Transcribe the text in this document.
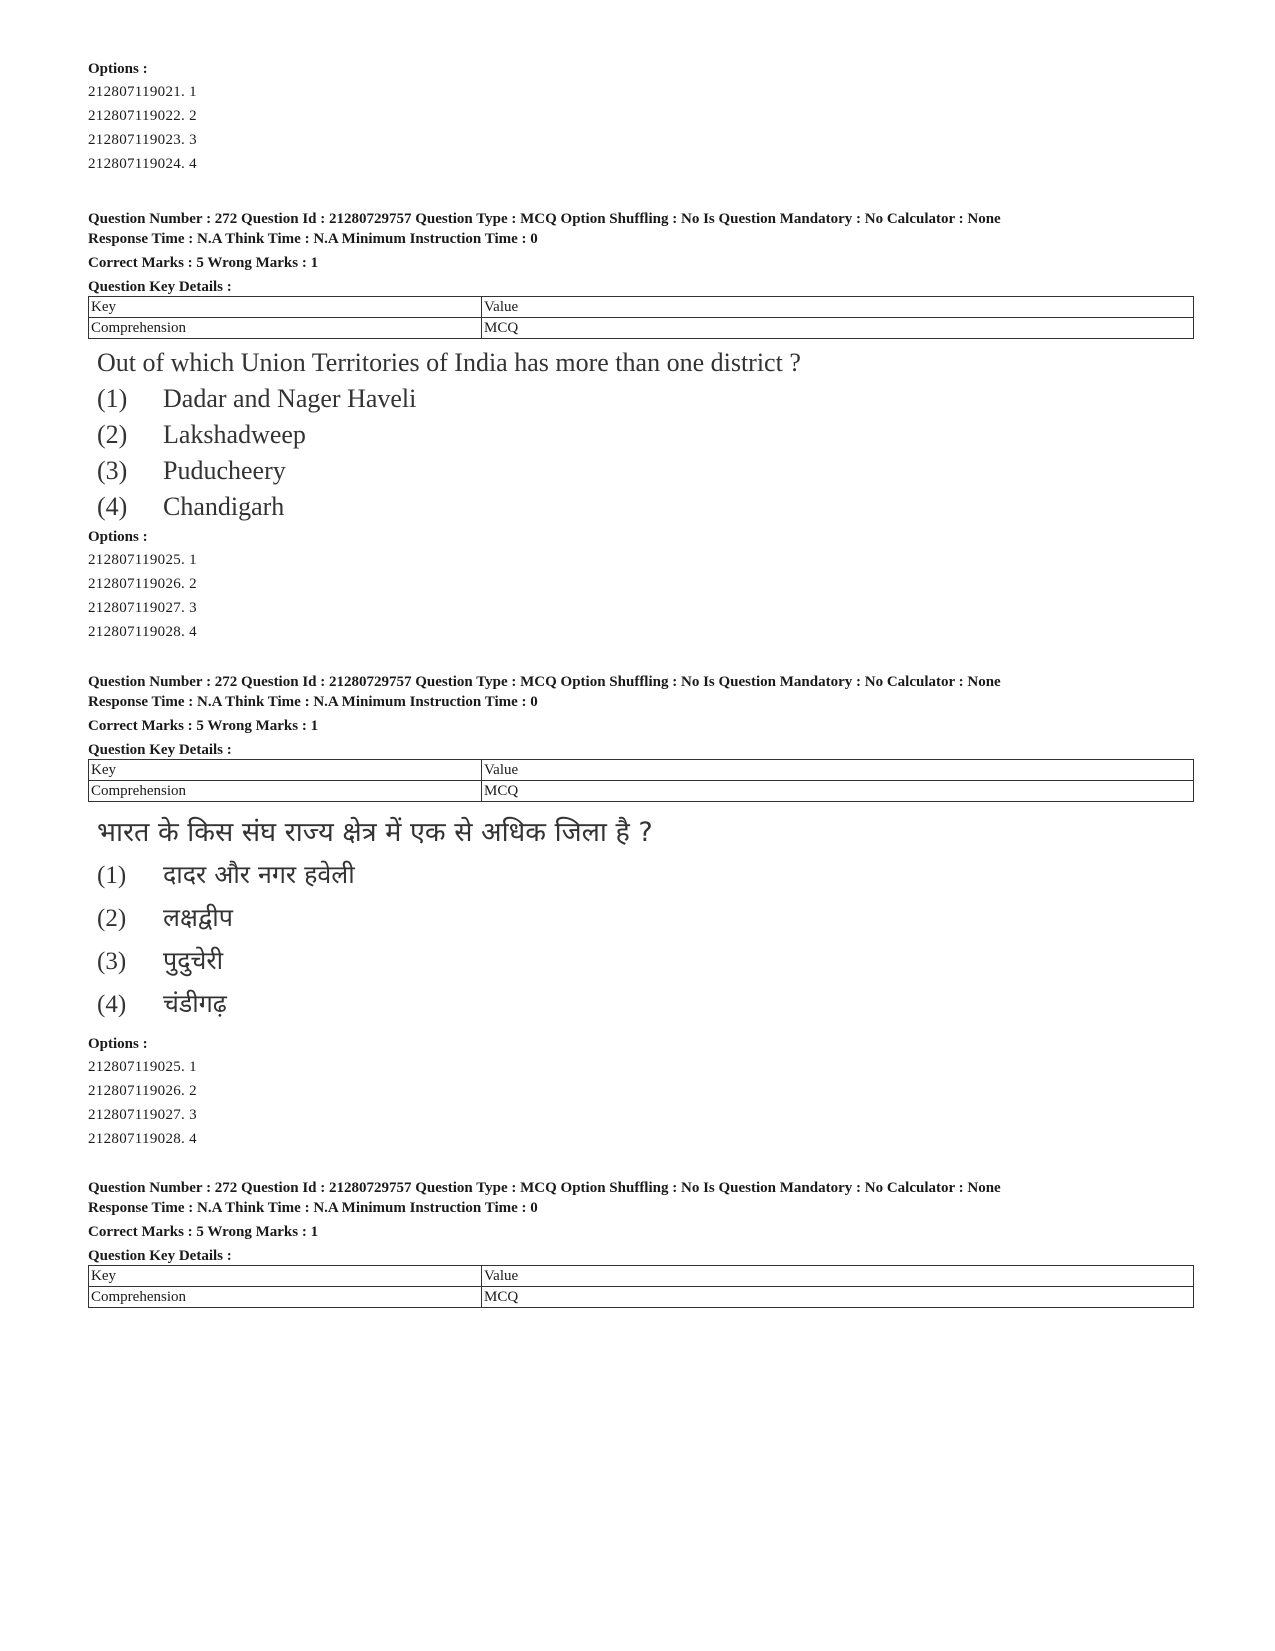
Options :
212807119021. 1
212807119022. 2
212807119023. 3
212807119024. 4
Question Number : 272 Question Id : 2128072975​7 Question Type : MCQ Option Shuffling : No Is Question Mandatory : No Calculator : None
Response Time : N.A Think Time : N.A Minimum Instruction Time : 0
Correct Marks : 5 Wrong Marks : 1
Question Key Details :
Key	Value
Comprehension	MCQ
Out of which Union Territories of India has more than one district ?
(1) Dadar and Nager Haveli
(2) Lakshadweep
(3) Puducheery
(4) Chandigarh
Options :
212807119025. 1
212807119026. 2
212807119027. 3
212807119028. 4
Question Number : 272 Question Id : 21280729757 Question Type : MCQ Option Shuffling : No Is Question Mandatory : No Calculator : None
Response Time : N.A Think Time : N.A Minimum Instruction Time : 0
Correct Marks : 5 Wrong Marks : 1
Question Key Details :
Key	Value
Comprehension	MCQ
भारत के किस संघ राज्य क्षेत्र में एक से अधिक जिला है ?
(1) दादर और नगर हवेली
(2) लक्षद्वीप
(3) पुदुचेरी
(4) चंडीगढ़
Options :
212807119025. 1
212807119026. 2
212807119027. 3
212807119028. 4
Question Number : 272 Question Id : 21280729757 Question Type : MCQ Option Shuffling : No Is Question Mandatory : No Calculator : None
Response Time : N.A Think Time : N.A Minimum Instruction Time : 0
Correct Marks : 5 Wrong Marks : 1
Question Key Details :
Key	Value
Comprehension	MCQ
